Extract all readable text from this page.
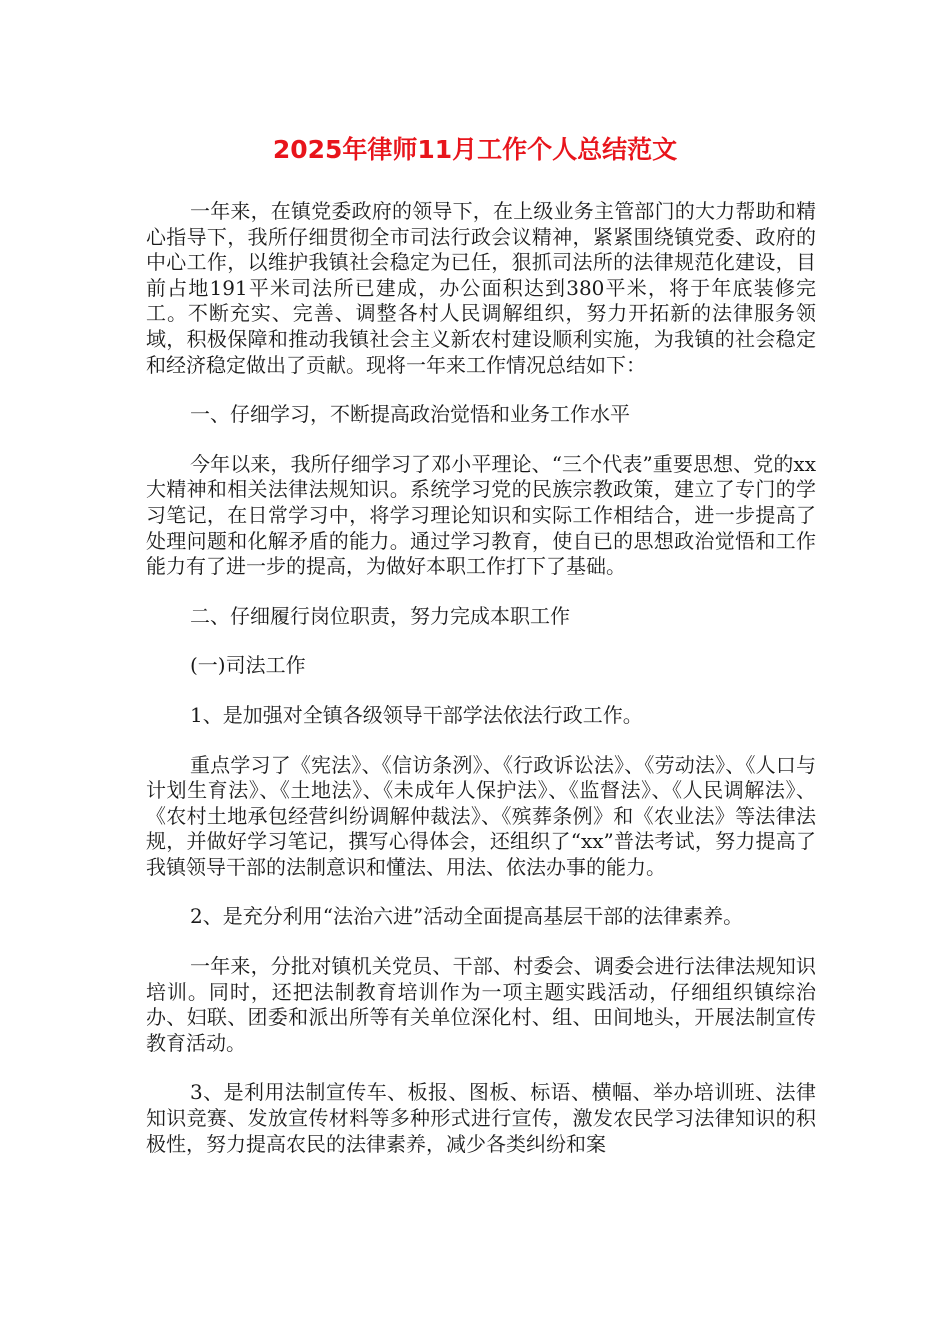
2025年律师11月工作个人总结范文

一年来，在镇党委政府的领导下，在上级业务主管部门的大力帮助和精心指导下，我所仔细贯彻全市司法行政会议精神，紧紧围绕镇党委、政府的中心工作，以维护我镇社会稳定为已任，狠抓司法所的法律规范化建设，目前占地191平米司法所已建成，办公面积达到380平米，将于年底装修完工。不断充实、完善、调整各村人民调解组织，努力开拓新的法律服务领域，积极保障和推动我镇社会主义新农村建设顺利实施，为我镇的社会稳定和经济稳定做出了贡献。现将一年来工作情况总结如下：

一、仔细学习，不断提高政治觉悟和业务工作水平

今年以来，我所仔细学习了邓小平理论、“三个代表”重要思想、党的xx大精神和相关法律法规知识。系统学习党的民族宗教政策，建立了专门的学习笔记，在日常学习中，将学习理论知识和实际工作相结合，进一步提高了处理问题和化解矛盾的能力。通过学习教育，使自已的思想政治觉悟和工作能力有了进一步的提高，为做好本职工作打下了基础。

二、仔细履行岗位职责，努力完成本职工作

(一)司法工作

1、是加强对全镇各级领导干部学法依法行政工作。

重点学习了《宪法》、《信访条洌》、《行政诉讼法》、《劳动法》、《人口与计划生育法》、《土地法》、《未成年人保护法》、《监督法》、《人民调解法》、《农村土地承包经营纠纷调解仲裁法》、《殡葬条例》和《农业法》等法律法规，并做好学习笔记，撰写心得体会，还组织了“xx”普法考试，努力提高了我镇领导干部的法制意识和懂法、用法、依法办事的能力。

2、是充分利用“法治六进”活动全面提高基层干部的法律素养。

一年来，分批对镇机关党员、干部、村委会、调委会进行法律法规知识培训。同时，还把法制教育培训作为一项主题实践活动，仔细组织镇综治办、妇联、团委和派出所等有关单位深化村、组、田间地头，开展法制宣传教育活动。

3、是利用法制宣传车、板报、图板、标语、横幅、举办培训班、法律知识竞赛、发放宣传材料等多种形式进行宣传，激发农民学习法律知识的积极性，努力提高农民的法律素养，减少各类纠纷和案
